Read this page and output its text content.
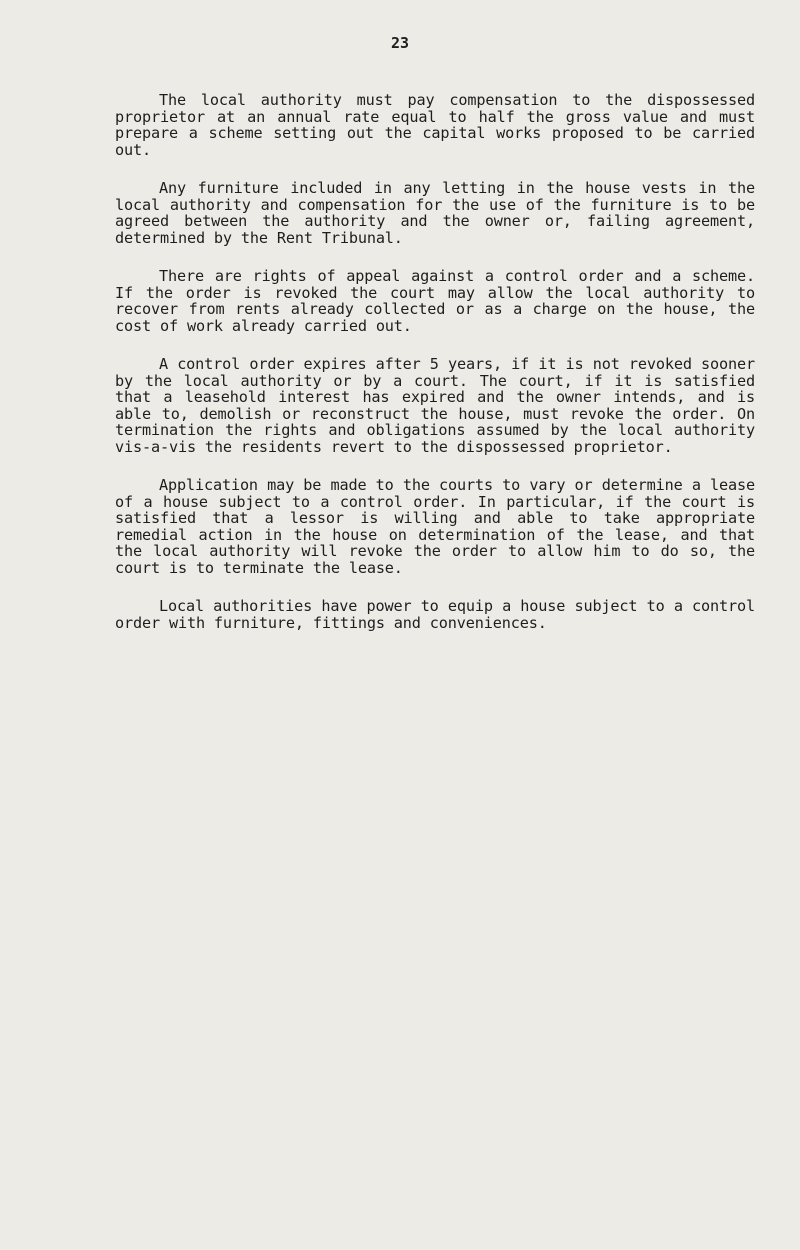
23

The local authority must pay compensation to the dispossessed proprietor at an annual rate equal to half the gross value and must prepare a scheme setting out the capital works proposed to be carried out.

Any furniture included in any letting in the house vests in the local authority and compensation for the use of the furniture is to be agreed between the authority and the owner or, failing agreement, determined by the Rent Tribunal.

There are rights of appeal against a control order and a scheme. If the order is revoked the court may allow the local authority to recover from rents already collected or as a charge on the house, the cost of work already carried out.

A control order expires after 5 years, if it is not revoked sooner by the local authority or by a court. The court, if it is satisfied that a leasehold interest has expired and the owner intends, and is able to, demolish or reconstruct the house, must revoke the order. On termination the rights and obligations assumed by the local authority vis-a-vis the residents revert to the dispossessed proprietor.

Application may be made to the courts to vary or determine a lease of a house subject to a control order. In particular, if the court is satisfied that a lessor is willing and able to take appropriate remedial action in the house on determination of the lease, and that the local authority will revoke the order to allow him to do so, the court is to terminate the lease.

Local authorities have power to equip a house subject to a control order with furniture, fittings and conveniences.
